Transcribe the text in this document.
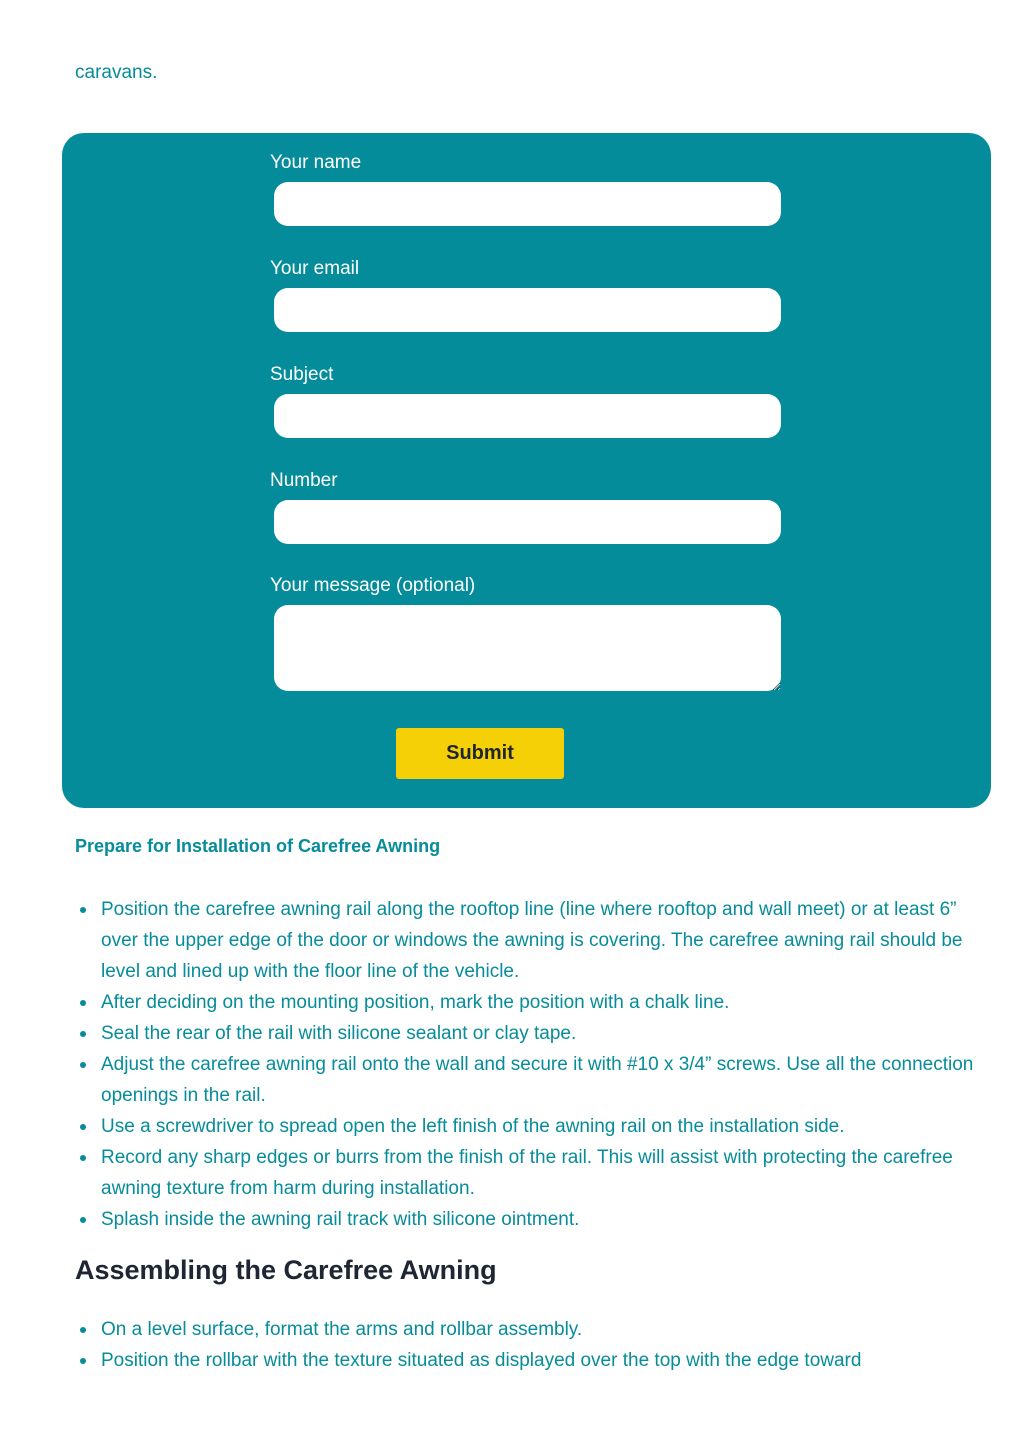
caravans.
Your name
Your email
Subject
Number
Your message (optional)
Submit
Prepare for Installation of Carefree Awning
Position the carefree awning rail along the rooftop line (line where rooftop and wall meet) or at least 6” over the upper edge of the door or windows the awning is covering. The carefree awning rail should be level and lined up with the floor line of the vehicle.
After deciding on the mounting position, mark the position with a chalk line.
Seal the rear of the rail with silicone sealant or clay tape.
Adjust the carefree awning rail onto the wall and secure it with #10 x 3/4” screws. Use all the connection openings in the rail.
Use a screwdriver to spread open the left finish of the awning rail on the installation side.
Record any sharp edges or burrs from the finish of the rail. This will assist with protecting the carefree awning texture from harm during installation.
Splash inside the awning rail track with silicone ointment.
Assembling the Carefree Awning
On a level surface, format the arms and rollbar assembly.
Position the rollbar with the texture situated as displayed over the top with the edge toward
